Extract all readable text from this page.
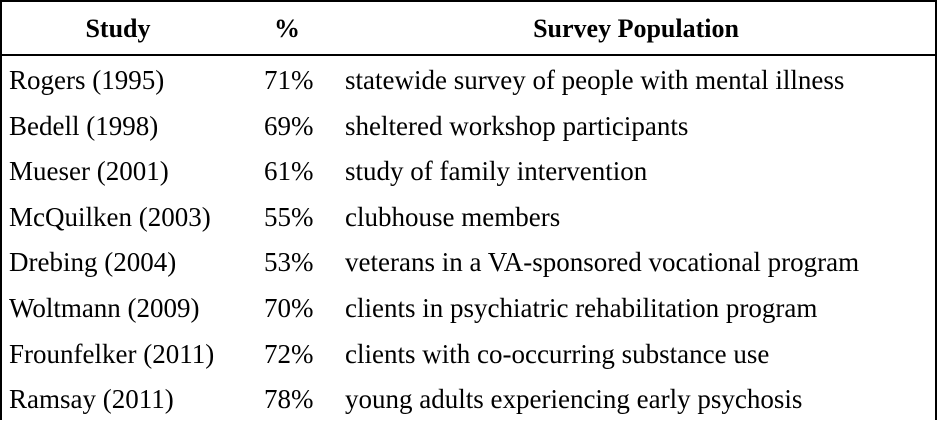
Study	%	Survey Population
Rogers (1995)	71% statewide survey of people with mental illness
Bedell (1998)	69% sheltered workshop participants
Mueser (2001)	61% study of family intervention
McQuilken (2003) 55% clubhouse members
Drebing (2004)	53% veterans in a VA-sponsored vocational program
Woltmann (2009) 70% clients in psychiatric rehabilitation program
Frounfelker (2011) 72% clients with co-occurring substance use
Ramsay (2011)	78% young adults experiencing early psychosis
